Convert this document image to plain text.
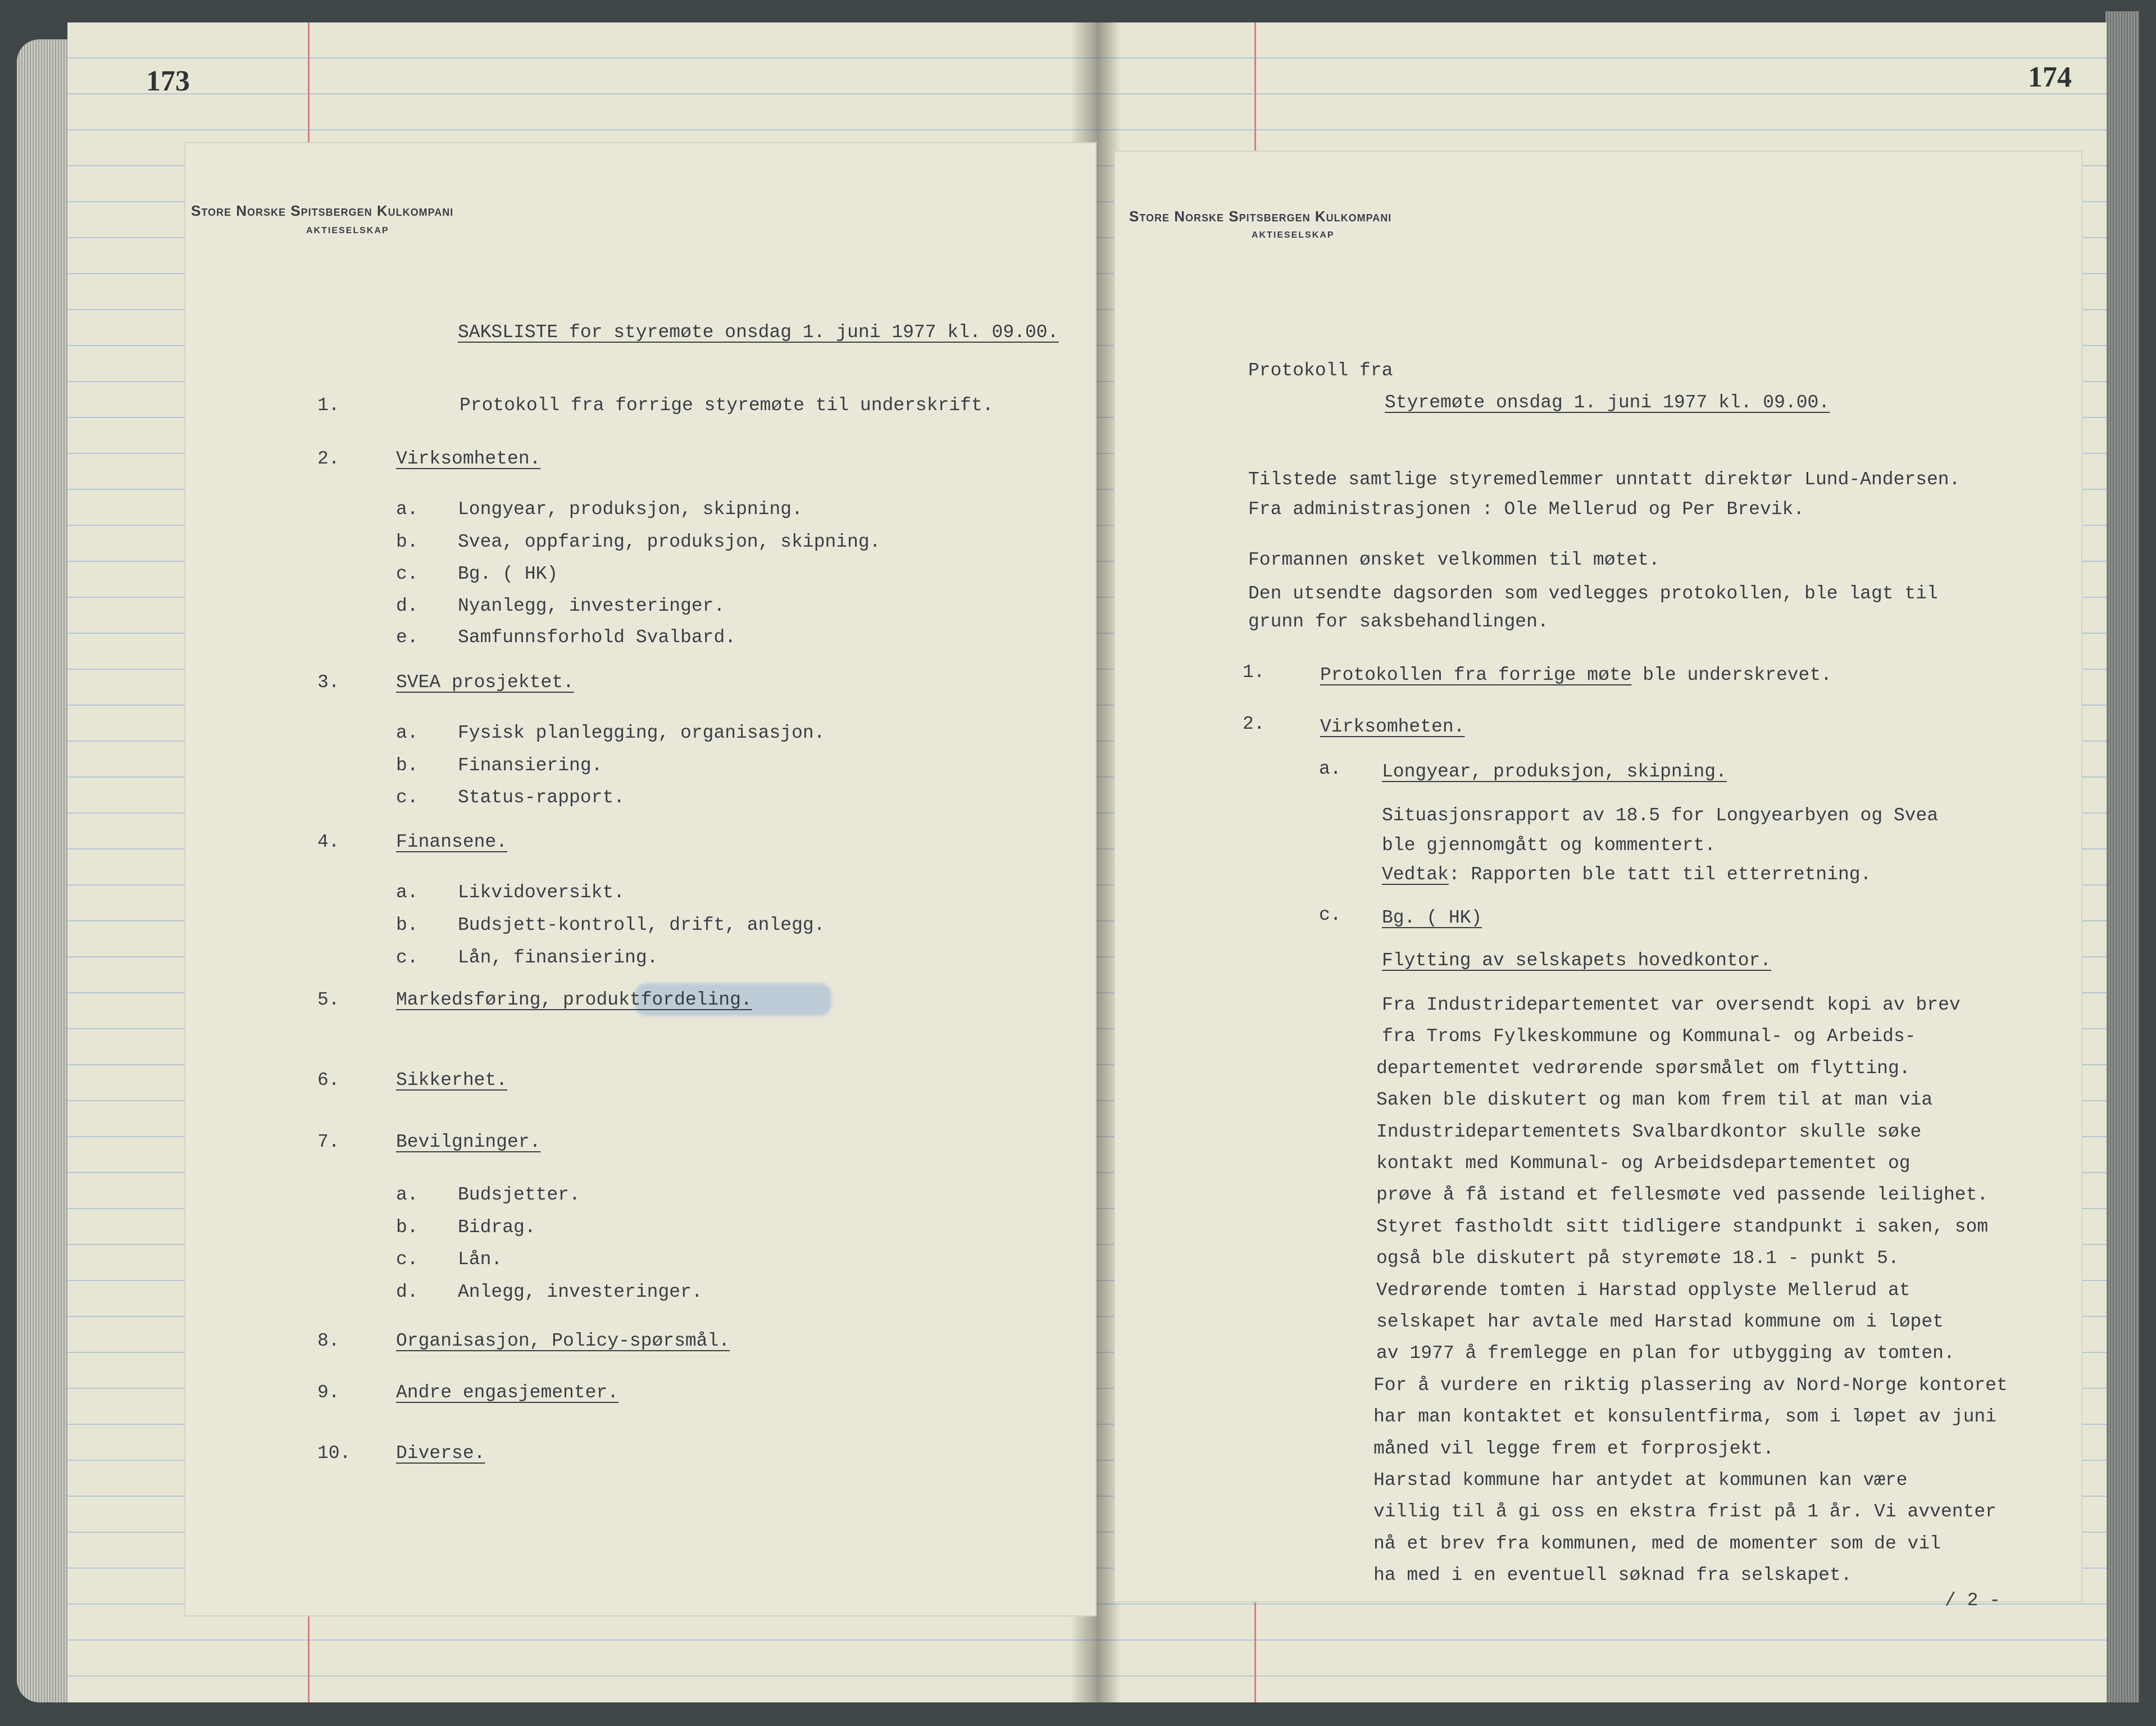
173	174
Store Norske Spitsbergen Kulkompani
AKTIESELSKAP
SAKSLISTE for styremøte onsdag 1. juni 1977 kl. 09.00.
1.	Protokoll fra forrige styremøte til underskrift.
2.	Virksomheten.
a. Longyear, produksjon, skipning.
b. Svea, oppfaring, produksjon, skipning.
c. Bg. ( HK)
d. Nyanlegg, investeringer.
e. Samfunnsforhold Svalbard.
3.	SVEA prosjektet.
a. Fysisk planlegging, organisasjon.
b. Finansiering.
c. Status-rapport.
4.	Finansene.
a. Likvidoversikt.
b. Budsjett-kontroll, drift, anlegg.
c. Lån, finansiering.
5.	Markedsføring, produktfordeling.
6.	Sikkerhet.
7.	Bevilgninger.
a. Budsjetter.
b. Bidrag.
c. Lån.
d. Anlegg, investeringer.
8.	Organisasjon, Policy-spørsmål.
9.	Andre engasjementer.
10. Diverse.
Store Norske Spitsbergen Kulkompani
AKTIESELSKAP
Protokoll fra
Styremøte onsdag 1. juni 1977 kl. 09.00.
Tilstede samtlige styremedlemmer unntatt direktør Lund-Andersen.
Fra administrasjonen : Ole Mellerud og Per Brevik.
Formannen ønsket velkommen til møtet.
Den utsendte dagsorden som vedlegges protokollen, ble lagt til
grunn for saksbehandlingen.
1.	Protokollen fra forrige møte ble underskrevet.
2.	Virksomheten.
a. Longyear, produksjon, skipning.
Situasjonsrapport av 18.5 for Longyearbyen og Svea
ble gjennomgått og kommentert.
Vedtak: Rapporten ble tatt til etterretning.
c. Bg. ( HK)
Flytting av selskapets hovedkontor.
Fra Industridepartementet var oversendt kopi av brev
fra Troms Fylkeskommune og Kommunal- og Arbeids-
departementet vedrørende spørsmålet om flytting.
Saken ble diskutert og man kom frem til at man via
Industridepartementets Svalbardkontor skulle søke
kontakt med Kommunal- og Arbeidsdepartementet og
prøve å få istand et fellesmøte ved passende leilighet.
Styret fastholdt sitt tidligere standpunkt i saken, som
også ble diskutert på styremøte 18.1 - punkt 5.
Vedrørende tomten i Harstad opplyste Mellerud at
selskapet har avtale med Harstad kommune om i løpet
av 1977 å fremlegge en plan for utbygging av tomten.
For å vurdere en riktig plassering av Nord-Norge kontoret
har man kontaktet et konsulentfirma, som i løpet av juni
måned vil legge frem et forprosjekt.
Harstad kommune har antydet at kommunen kan være
villig til å gi oss en ekstra frist på 1 år. Vi avventer
nå et brev fra kommunen, med de momenter som de vil
ha med i en eventuell søknad fra selskapet.
/ 2 -
